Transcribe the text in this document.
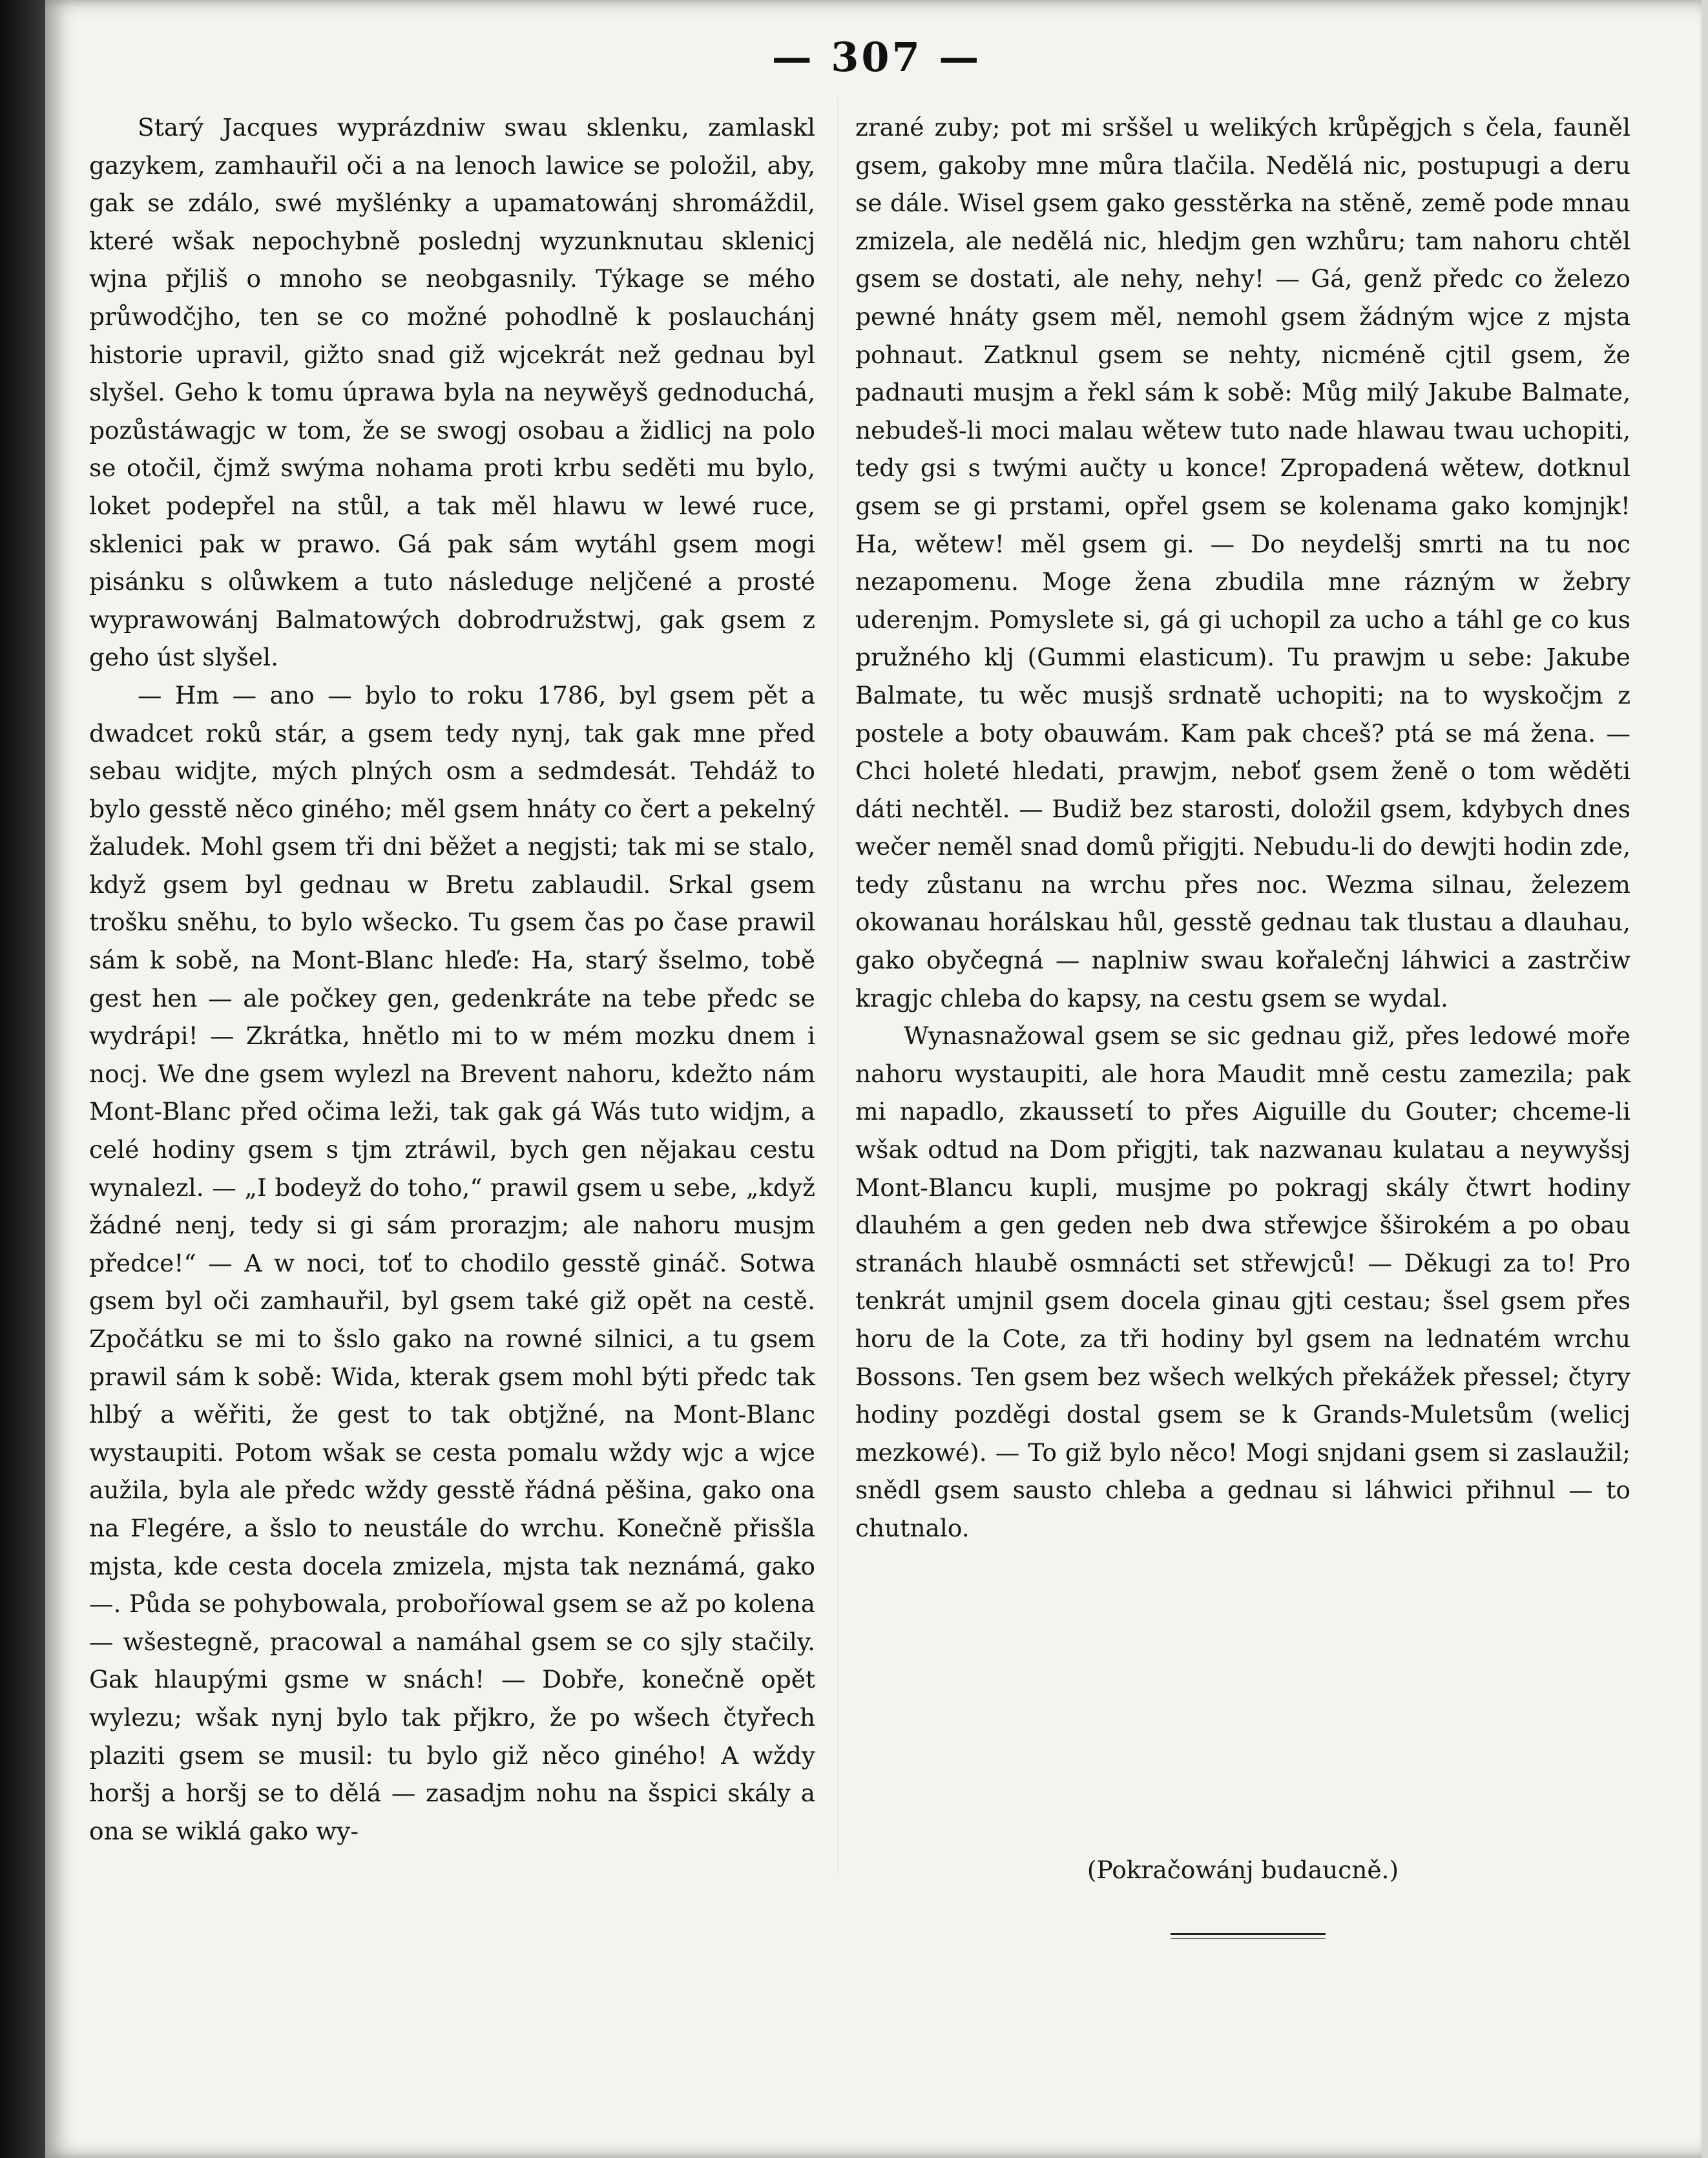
— 307 —

Starý Jacques wyprázdniw swau sklenku, zamlaskl gazykem, zamhauřil oči a na lenoch lawice se položil, aby, gak se zdálo, swé myšlénky a upamatowánj shromáždil, které wšak nepochybně poslednj wyzunknutau sklenicj wjna přjliš o mnoho se neobgasnily. Týkage se mého průwodčjho, ten se co možné pohodlně k poslauchánj historie upravil, gižto snad giž wjcekrát než gednau byl slyšel. Geho k tomu úprawa byla na neywěyš gednoduchá, pozůstáwagjc w tom, že se swogj osobau a židlicj na polo se otočil, čjmž swýma nohama proti krbu seděti mu bylo, loket podepřel na stůl, a tak měl hlawu w lewé ruce, sklenici pak w prawo. Gá pak sám wytáhl gsem mogi pisánku s olůwkem a tuto následuge neljčené a prosté wyprawowánj Balmatowých dobrodružstwj, gak gsem z geho úst slyšel.

— Hm — ano — bylo to roku 1786, byl gsem pět a dwadcet roků stár, a gsem tedy nynj, tak gak mne před sebau widjte, mých plných osm a sedmdesát. Tehdáž to bylo gesstě něco giného; měl gsem hnáty co čert a pekelný žaludek. Mohl gsem tři dni běžet a negjsti; tak mi se stalo, když gsem byl gednau w Bretu zablaudil. Srkal gsem trošku sněhu, to bylo wšecko. Tu gsem čas po čase prawil sám k sobě, na Mont-Blanc hleďe: Ha, starý šselmo, tobě gest hen — ale počkey gen, gedenkráte na tebe předc se wydrápi! — Zkrátka, hnětlo mi to w mém mozku dnem i nocj. We dne gsem wylezl na Brevent nahoru, kdežto nám Mont-Blanc před očima leži, tak gak gá Wás tuto widjm, a celé hodiny gsem s tjm ztráwil, bych gen nějakau cestu wynalezl. — „I bodeyž do toho,“ prawil gsem u sebe, „když žádné nenj, tedy si gi sám prorazjm; ale nahoru musjm předce!“ — A w noci, toť to chodilo gesstě gináč. Sotwa gsem byl oči zamhauřil, byl gsem také giž opět na cestě. Zpočátku se mi to šslo gako na rowné silnici, a tu gsem prawil sám k sobě: Wida, kterak gsem mohl býti předc tak hlbý a wěřiti, že gest to tak obtjžné, na Mont-Blanc wystaupiti. Potom wšak se cesta pomalu wždy wjc a wjce aužila, byla ale předc wždy gesstě řádná pěšina, gako ona na Flegére, a šslo to neustále do wrchu. Konečně přisšla mjsta, kde cesta docela zmizela, mjsta tak neznámá, gako —. Půda se pohybowala, proboříowal gsem se až po kolena — wšestegně, pracowal a namáhal gsem se co sjly stačily. Gak hlaupými gsme w snách! — Dobře, konečně opět wylezu; wšak nynj bylo tak přjkro, že po wšech čtyřech plaziti gsem se musil: tu bylo giž něco giného! A wždy horšj a horšj se to dělá — zasadjm nohu na šspici skály a ona se wiklá gako wy-

zrané zuby; pot mi srššel u welikých krůpěgjch s čela, fauněl gsem, gakoby mne můra tlačila. Nedělá nic, postupugi a deru se dále. Wisel gsem gako gesstěrka na stěně, země pode mnau zmizela, ale nedělá nic, hledjm gen wzhůru; tam nahoru chtěl gsem se dostati, ale nehy, nehy! — Gá, genž předc co železo pewné hnáty gsem měl, nemohl gsem žádným wjce z mjsta pohnaut. Zatknul gsem se nehty, nicméně cjtil gsem, že padnauti musjm a řekl sám k sobě: Můg milý Jakube Balmate, nebudeš-li moci malau wětew tuto nade hlawau twau uchopiti, tedy gsi s twými aučty u konce! Zpropadená wětew, dotknul gsem se gi prstami, opřel gsem se kolenama gako komjnjk! Ha, wětew! měl gsem gi. — Do neydelšj smrti na tu noc nezapomenu. Moge žena zbudila mne rázným w žebry uderenjm. Pomyslete si, gá gi uchopil za ucho a táhl ge co kus pružného klj (Gummi elasticum). Tu prawjm u sebe: Jakube Balmate, tu wěc musjš srdnatě uchopiti; na to wyskočjm z postele a boty obauwám. Kam pak chceš? ptá se má žena. — Chci holeté hledati, prawjm, neboť gsem ženě o tom wěděti dáti nechtěl. — Budiž bez starosti, doložil gsem, kdybych dnes wečer neměl snad domů přigjti. Nebudu-li do dewjti hodin zde, tedy zůstanu na wrchu přes noc. Wezma silnau, železem okowanau horálskau hůl, gesstě gednau tak tlustau a dlauhau, gako obyčegná — naplniw swau kořalečnj láhwici a zastrčiw kragjc chleba do kapsy, na cestu gsem se wydal.

Wynasnažowal gsem se sic gednau giž, přes ledowé moře nahoru wystaupiti, ale hora Maudit mně cestu zamezila; pak mi napadlo, zkaussetí to přes Aiguille du Gouter; chceme-li wšak odtud na Dom přigjti, tak nazwanau kulatau a neywyšsj Mont-Blancu kupli, musjme po pokragj skály čtwrt hodiny dlauhém a gen geden neb dwa střewjce šširokém a po obau stranách hlaubě osmnácti set střewjců! — Děkugi za to! Pro tenkrát umjnil gsem docela ginau gjti cestau; šsel gsem přes horu de la Cote, za tři hodiny byl gsem na lednatém wrchu Bossons. Ten gsem bez wšech welkých překážek přessel; čtyry hodiny pozděgi dostal gsem se k Grands-Muletsům (welicj mezkowé). — To giž bylo něco! Mogi snjdani gsem si zaslaužil; snědl gsem sausto chleba a gednau si láhwici přihnul — to chutnalo.

(Pokračowánj budaucně.)
